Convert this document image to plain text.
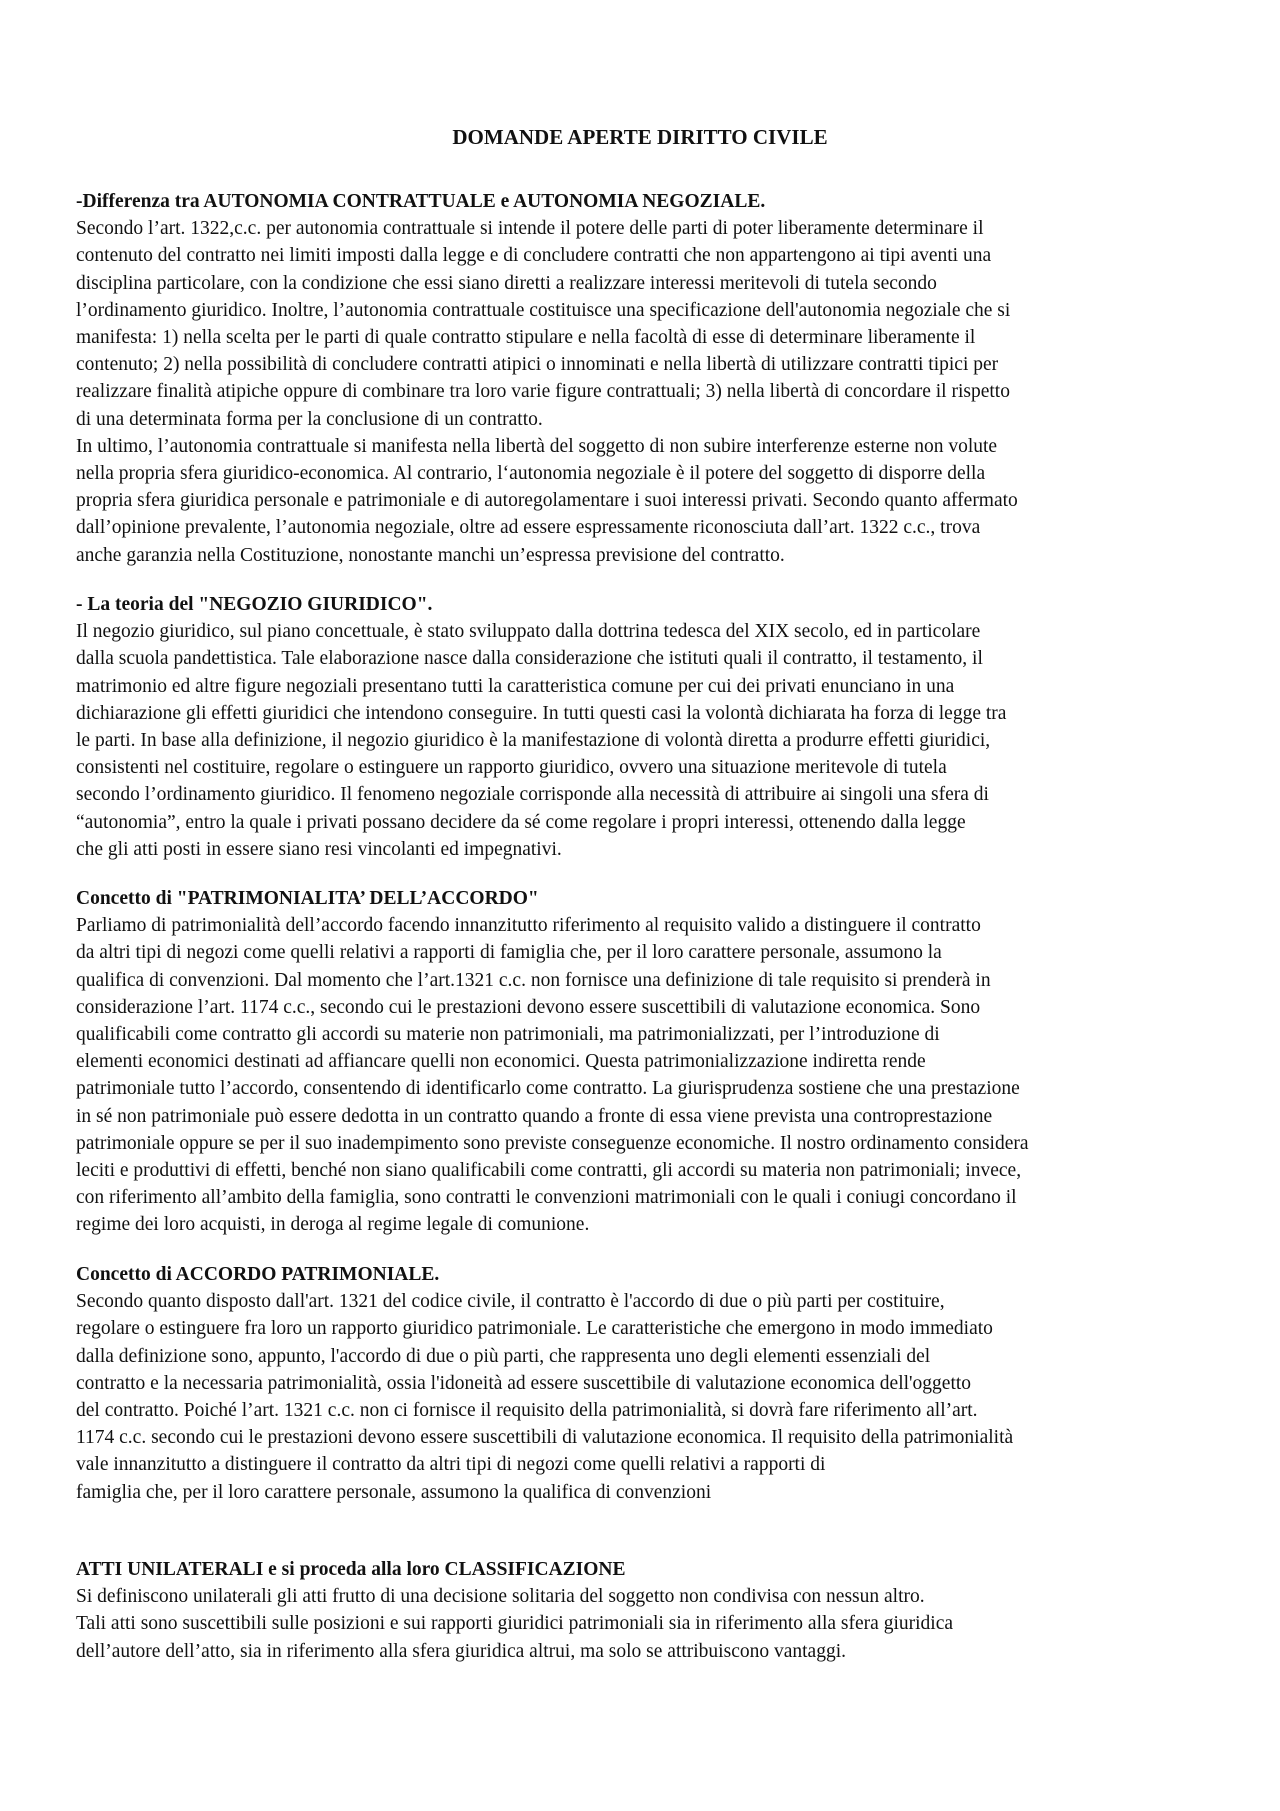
DOMANDE APERTE DIRITTO CIVILE
-Differenza tra AUTONOMIA CONTRATTUALE e AUTONOMIA NEGOZIALE.
Secondo l’art. 1322,c.c. per autonomia contrattuale si intende il potere delle parti di poter liberamente determinare il
contenuto del contratto nei limiti imposti dalla legge e di concludere contratti che non appartengono ai tipi aventi una
disciplina particolare, con la condizione che essi siano diretti a realizzare interessi meritevoli di tutela secondo
l’ordinamento giuridico. Inoltre, l’autonomia contrattuale costituisce una specificazione dell'autonomia negoziale che si
manifesta: 1) nella scelta per le parti di quale contratto stipulare e nella facoltà di esse di determinare liberamente il
contenuto; 2) nella possibilità di concludere contratti atipici o innominati e nella libertà di utilizzare contratti tipici per
realizzare finalità atipiche oppure di combinare tra loro varie figure contrattuali; 3) nella libertà di concordare il rispetto
di una determinata forma per la conclusione di un contratto.
In ultimo, l’autonomia contrattuale si manifesta nella libertà del soggetto di non subire interferenze esterne non volute
nella propria sfera giuridico-economica. Al contrario, l‘autonomia negoziale è il potere del soggetto di disporre della
propria sfera giuridica personale e patrimoniale e di autoregolamentare i suoi interessi privati. Secondo quanto affermato
dall’opinione prevalente, l’autonomia negoziale, oltre ad essere espressamente riconosciuta dall’art. 1322 c.c., trova
anche garanzia nella Costituzione, nonostante manchi un’espressa previsione del contratto.
- La teoria del "NEGOZIO GIURIDICO".
Il negozio giuridico, sul piano concettuale, è stato sviluppato dalla dottrina tedesca del XIX secolo, ed in particolare
dalla scuola pandettistica. Tale elaborazione nasce dalla considerazione che istituti quali il contratto, il testamento, il
matrimonio ed altre figure negoziali presentano tutti la caratteristica comune per cui dei privati enunciano in una
dichiarazione gli effetti giuridici che intendono conseguire. In tutti questi casi la volontà dichiarata ha forza di legge tra
le parti. In base alla definizione, il negozio giuridico è la manifestazione di volontà diretta a produrre effetti giuridici,
consistenti nel costituire, regolare o estinguere un rapporto giuridico, ovvero una situazione meritevole di tutela
secondo l’ordinamento giuridico. Il fenomeno negoziale corrisponde alla necessità di attribuire ai singoli una sfera di
“autonomia”, entro la quale i privati possano decidere da sé come regolare i propri interessi, ottenendo dalla legge
che gli atti posti in essere siano resi vincolanti ed impegnativi.
Concetto di "PATRIMONIALITA’ DELL’ACCORDO"
Parliamo di patrimonialità dell’accordo facendo innanzitutto riferimento al requisito valido a distinguere il contratto
da altri tipi di negozi come quelli relativi a rapporti di famiglia che, per il loro carattere personale, assumono la
qualifica di convenzioni. Dal momento che l’art.1321 c.c. non fornisce una definizione di tale requisito si prenderà in
considerazione l’art. 1174 c.c., secondo cui le prestazioni devono essere suscettibili di valutazione economica. Sono
qualificabili come contratto gli accordi su materie non patrimoniali, ma patrimonializzati, per l’introduzione di
elementi economici destinati ad affiancare quelli non economici. Questa patrimonializzazione indiretta rende
patrimoniale tutto l’accordo, consentendo di identificarlo come contratto. La giurisprudenza sostiene che una prestazione
in sé non patrimoniale può essere dedotta in un contratto quando a fronte di essa viene prevista una controprestazione
patrimoniale oppure se per il suo inadempimento sono previste conseguenze economiche. Il nostro ordinamento considera
leciti e produttivi di effetti, benché non siano qualificabili come contratti, gli accordi su materia non patrimoniali; invece,
con riferimento all’ambito della famiglia, sono contratti le convenzioni matrimoniali con le quali i coniugi concordano il
regime dei loro acquisti, in deroga al regime legale di comunione.
Concetto di ACCORDO PATRIMONIALE.
Secondo quanto disposto dall'art. 1321 del codice civile, il contratto è l'accordo di due o più parti per costituire,
regolare o estinguere fra loro un rapporto giuridico patrimoniale. Le caratteristiche che emergono in modo immediato
dalla definizione sono, appunto, l'accordo di due o più parti, che rappresenta uno degli elementi essenziali del
contratto e la necessaria patrimonialità, ossia l'idoneità ad essere suscettibile di valutazione economica dell'oggetto
del contratto. Poiché l’art. 1321 c.c. non ci fornisce il requisito della patrimonialità, si dovrà fare riferimento all’art.
1174 c.c. secondo cui le prestazioni devono essere suscettibili di valutazione economica. Il requisito della patrimonialità
vale innanzitutto a distinguere il contratto da altri tipi di negozi come quelli relativi a rapporti di
famiglia che, per il loro carattere personale, assumono la qualifica di convenzioni
ATTI UNILATERALI e si proceda alla loro CLASSIFICAZIONE
Si definiscono unilaterali gli atti frutto di una decisione solitaria del soggetto non condivisa con nessun altro.
Tali atti sono suscettibili sulle posizioni e sui rapporti giuridici patrimoniali sia in riferimento alla sfera giuridica
dell’autore dell’atto, sia in riferimento alla sfera giuridica altrui, ma solo se attribuiscono vantaggi.
